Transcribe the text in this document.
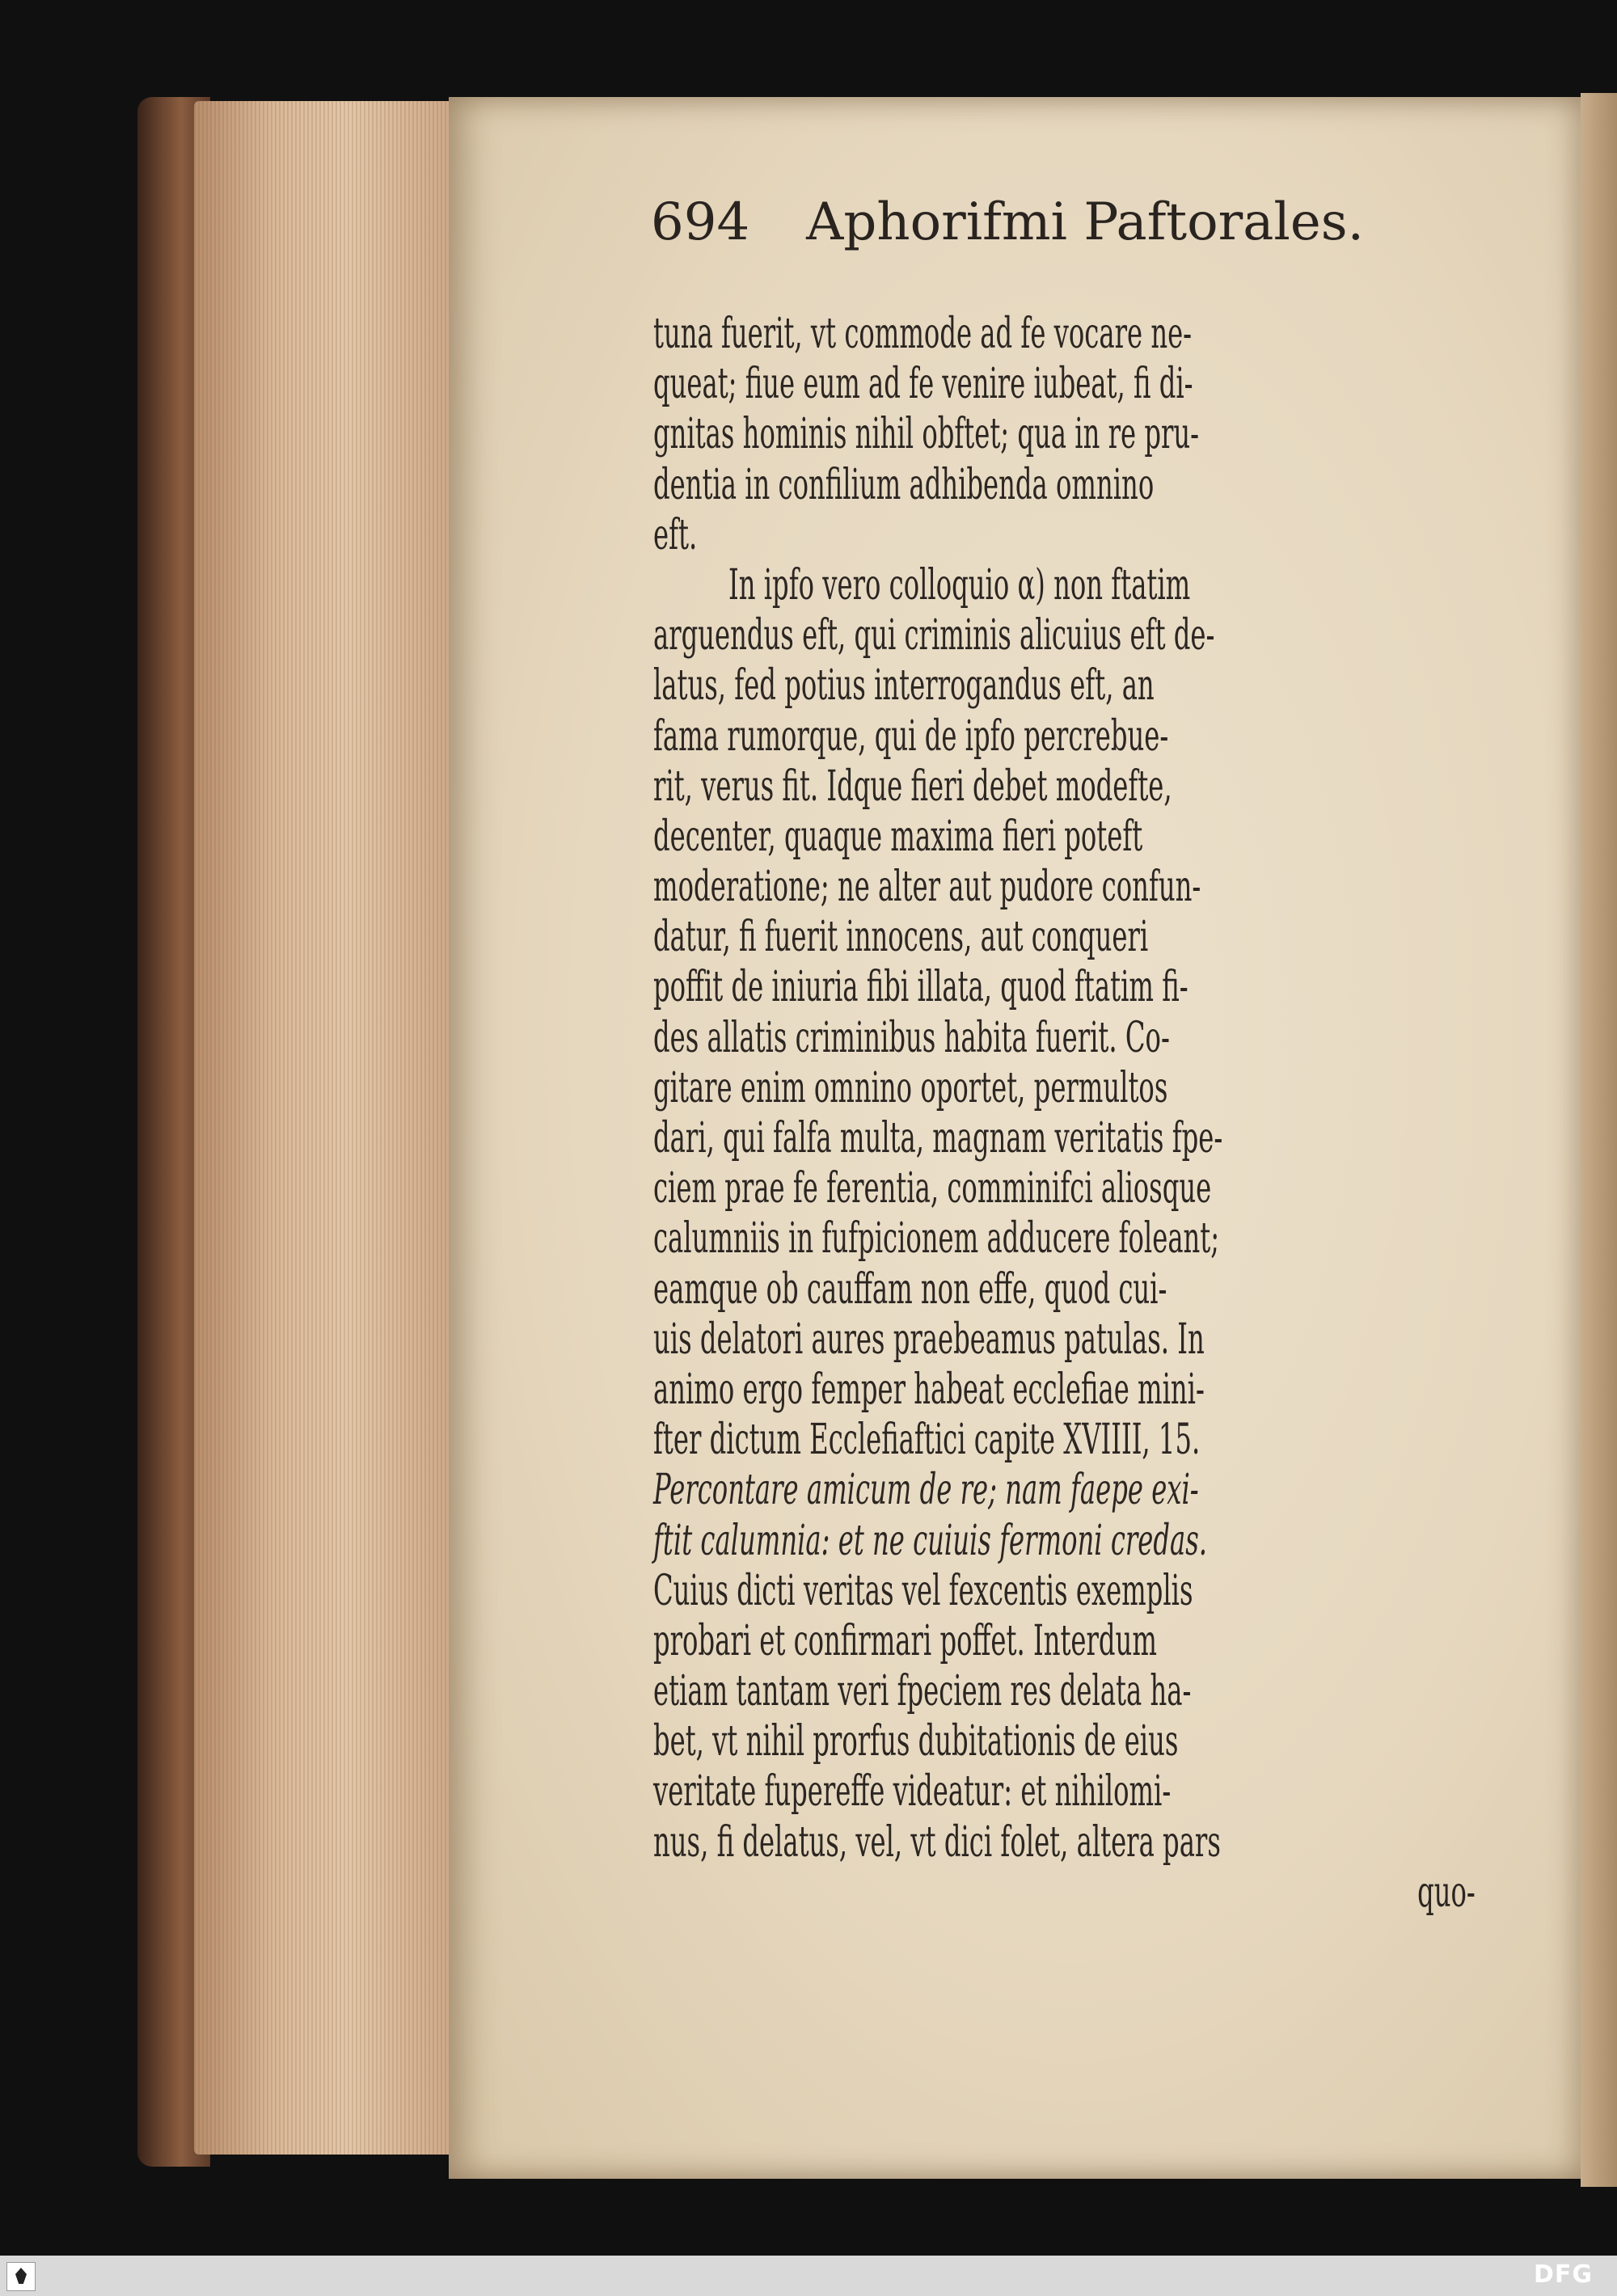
694 Aphorifmi Paftorales.
tuna fuerit, vt commode ad fe vocare ne-
queat; fiue eum ad fe venire iubeat, fi di-
gnitas hominis nihil obftet; qua in re pru-
dentia in confilium adhibenda omnino
eft.
In ipfo vero colloquio α) non ftatim
arguendus eft, qui criminis alicuius eft de-
latus, fed potius interrogandus eft, an
fama rumorque, qui de ipfo percrebue-
rit, verus fit. Idque fieri debet modefte,
decenter, quaque maxima fieri poteft
moderatione; ne alter aut pudore confun-
datur, fi fuerit innocens, aut conqueri
poffit de iniuria fibi illata, quod ftatim fi-
des allatis criminibus habita fuerit. Co-
gitare enim omnino oportet, permultos
dari, qui falfa multa, magnam veritatis fpe-
ciem prae fe ferentia, comminifci aliosque
calumniis in fufpicionem adducere foleant;
eamque ob cauffam non effe, quod cui-
uis delatori aures praebeamus patulas. In
animo ergo femper habeat ecclefiae mini-
fter dictum Ecclefiaftici capite XVIIII, 15.
Percontare amicum de re; nam faepe exi-
ftit calumnia: et ne cuiuis fermoni credas.
Cuius dicti veritas vel fexcentis exemplis
probari et confirmari poffet. Interdum
etiam tantam veri fpeciem res delata ha-
bet, vt nihil prorfus dubitationis de eius
veritate fupereffe videatur: et nihilomi-
nus, fi delatus, vel, vt dici folet, altera pars
quo-
DFG
